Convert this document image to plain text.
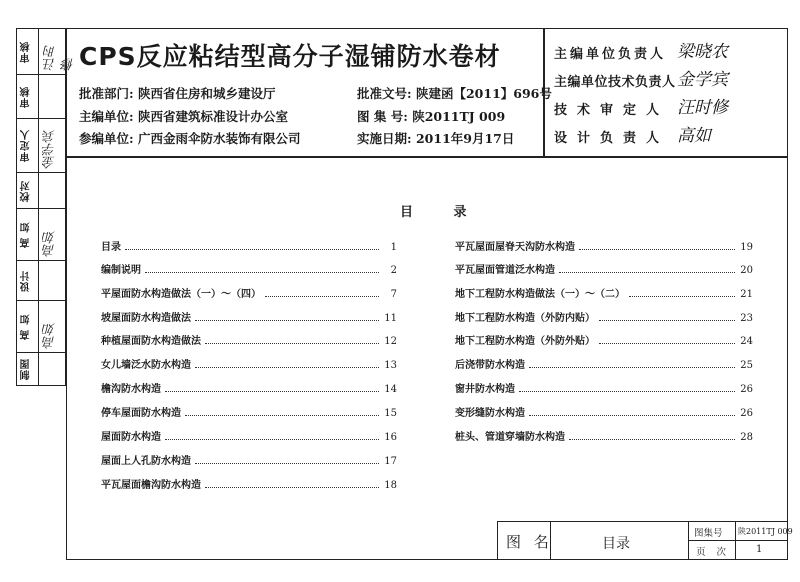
审核 汪时修
审核
审定人 金学宾
校对
高 如 高如
设计
高 如 高如
制图
CPS反应粘结型高分子湿铺防水卷材
批准部门: 陕西省住房和城乡建设厅	批准文号: 陕建函【2011】696号
主编单位: 陕西省建筑标准设计办公室	图 集 号: 陕2011TJ 009
参编单位: 广西金雨伞防水装饰有限公司	实施日期: 2011年9月17日
主编单位负责人 梁晓农
主编单位技术负责人 金学宾
技术审定人 汪时修
设计负责人 高如
目 录
目录	1
编制说明	2
平屋面防水构造做法（一）～（四）	7
坡屋面防水构造做法	11
种植屋面防水构造做法	12
女儿墙泛水防水构造	13
檐沟防水构造	14
停车屋面防水构造	15
屋面防水构造	16
屋面上人孔防水构造	17
平瓦屋面檐沟防水构造	18
平瓦屋面屋脊天沟防水构造	19
平瓦屋面管道泛水构造	20
地下工程防水构造做法（一）～（二）	21
地下工程防水构造（外防内贴）	23
地下工程防水构造（外防外贴）	24
后浇带防水构造	25
窗井防水构造	26
变形缝防水构造	26
桩头、管道穿墙防水构造	28
图 名	目录
图集号 陕2011TJ 009
页 次	1
